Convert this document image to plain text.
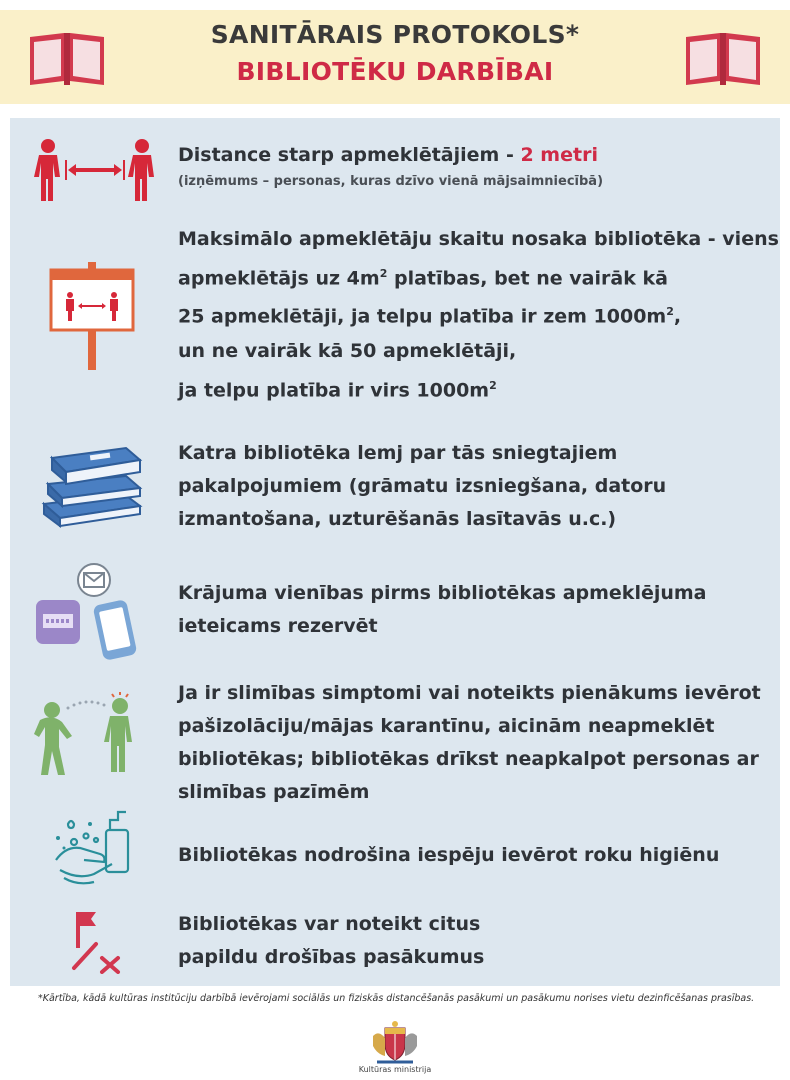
SANITĀRAIS PROTOKOLS*
BIBLIOTĒKU DARBĪBAI
Distance starp apmeklētājiem - 2 metri
(izņēmums – personas, kuras dzīvo vienā mājsaimniecībā)
Maksimālo apmeklētāju skaitu nosaka bibliotēka - viens
apmeklētājs uz $4m^2$ platības, bet ne vairāk kā
25 apmeklētāji, ja telpu platība ir zem $1000m^2$,
un ne vairāk kā 50 apmeklētāji,
ja telpu platība ir virs $1000m^2$
Katra bibliotēka lemj par tās sniegtajiem
pakalpojumiem (grāmatu izsniegšana, datoru
izmantošana, uzturēšanās lasītavās u.c.)
Krājuma vienības pirms bibliotēkas apmeklējuma
ieteicams rezervēt
Ja ir slimības simptomi vai noteikts pienākums ievērot
pašizolāciju/mājas karantīnu, aicinām neapmeklēt
bibliotēkas; bibliotēkas drīkst neapkalpot personas ar
slimības pazīmēm
Bibliotēkas nodrošina iespēju ievērot roku higiēnu
Bibliotēkas var noteikt citus
papildu drošības pasākumus
*Kārtība, kādā kultūras institūciju darbībā ievērojami sociālās un fiziskās distancēšanās pasākumi un pasākumu norises vietu dezinficēšanas prasības.
Kultūras ministrija
